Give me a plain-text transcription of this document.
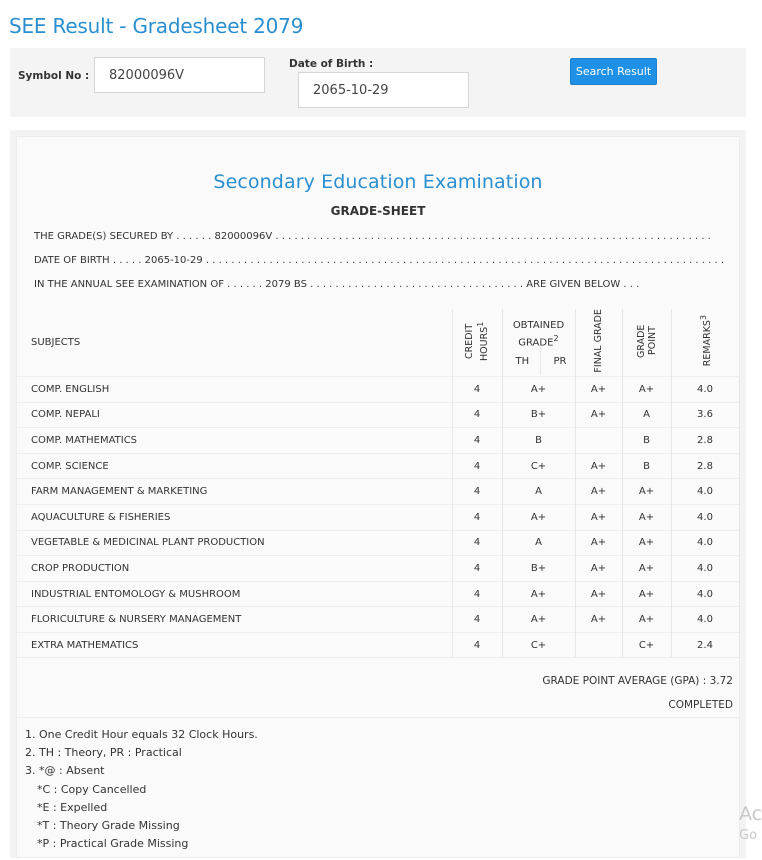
SEE Result - Gradesheet 2079
Symbol No :
82000096V
Date of Birth :
2065-10-29
Search Result
Secondary Education Examination
GRADE-SHEET
THE GRADE(S) SECURED BY . . . . . . 82000096V . . . . . . . . . . . . . . . . . . . . . . . . . . . . . . . . . . . . . . . . . . . . . . . . . . . . . . . . . . . . . . . . . . . . .
DATE OF BIRTH . . . . . 2065-10-29 . . . . . . . . . . . . . . . . . . . . . . . . . . . . . . . . . . . . . . . . . . . . . . . . . . . . . . . . . . . . . . . . . . . . . . . . . . . . . . . . . .
IN THE ANNUAL SEE EXAMINATION OF . . . . . . 2079 BS . . . . . . . . . . . . . . . . . . . . . . . . . . . . . . . . . . ARE GIVEN BELOW . . .
SUBJECTS	CREDIT HOURS$^1$	OBTAINED GRADE$^2$
TH PR	FINAL GRADE	GRADE POINT	REMARKS$^3$
COMP. ENGLISH	4	A+	A+	A+	4.0	
COMP. NEPALI	4	B+	A+	A	3.6	
COMP. MATHEMATICS	4	B		B	2.8	
COMP. SCIENCE	4	C+	A+	B	2.8	
FARM MANAGEMENT & MARKETING	4	A	A+	A+	4.0	
AQUACULTURE & FISHERIES	4	A+	A+	A+	4.0	
VEGETABLE & MEDICINAL PLANT PRODUCTION	4	A	A+	A+	4.0	
CROP PRODUCTION	4	B+	A+	A+	4.0	
INDUSTRIAL ENTOMOLOGY & MUSHROOM	4	A+	A+	A+	4.0	
FLORICULTURE & NURSERY MANAGEMENT	4	A+	A+	A+	4.0	
EXTRA MATHEMATICS	4	C+		C+	2.4	
GRADE POINT AVERAGE (GPA) : 3.72
COMPLETED
1. One Credit Hour equals 32 Clock Hours.
2. TH : Theory, PR : Practical
3. *@ : Absent
*C : Copy Cancelled
*E : Expelled
*T : Theory Grade Missing
*P : Practical Grade Missing
Ac
Go
